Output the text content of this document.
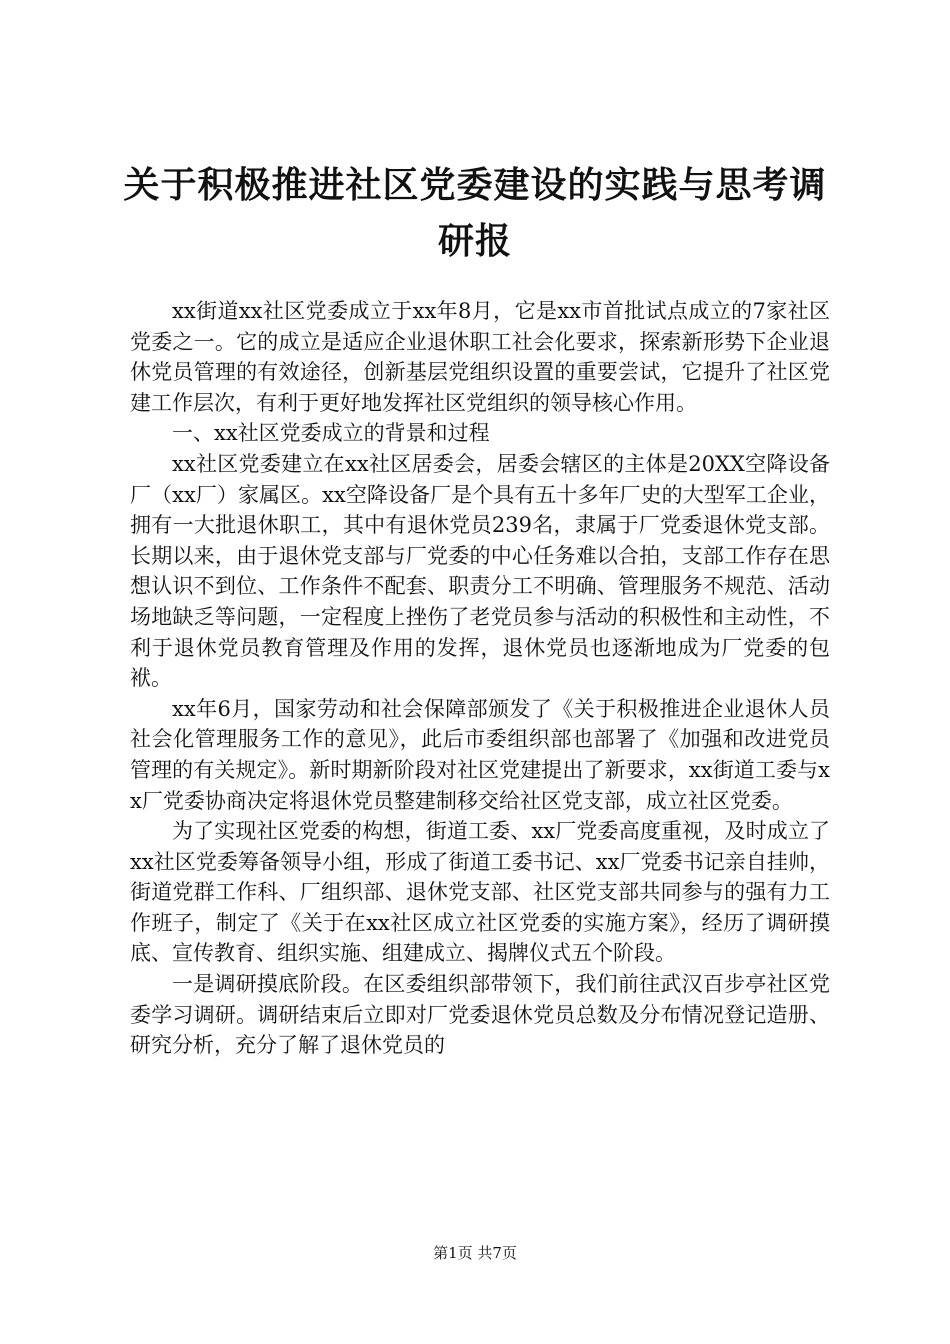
关于积极推进社区党委建设的实践与思考调研报

xx街道xx社区党委成立于xx年8月，它是xx市首批试点成立的7家社区党委之一。它的成立是适应企业退休职工社会化要求，探索新形势下企业退休党员管理的有效途径，创新基层党组织设置的重要尝试，它提升了社区党建工作层次，有利于更好地发挥社区党组织的领导核心作用。

一、xx社区党委成立的背景和过程

xx社区党委建立在xx社区居委会，居委会辖区的主体是20XX空降设备厂（xx厂）家属区。xx空降设备厂是个具有五十多年厂史的大型军工企业，拥有一大批退休职工，其中有退休党员239名，隶属于厂党委退休党支部。长期以来，由于退休党支部与厂党委的中心任务难以合拍，支部工作存在思想认识不到位、工作条件不配套、职责分工不明确、管理服务不规范、活动场地缺乏等问题，一定程度上挫伤了老党员参与活动的积极性和主动性，不利于退休党员教育管理及作用的发挥，退休党员也逐渐地成为厂党委的包袱。

xx年6月，国家劳动和社会保障部颁发了《关于积极推进企业退休人员社会化管理服务工作的意见》，此后市委组织部也部署了《加强和改进党员管理的有关规定》。新时期新阶段对社区党建提出了新要求，xx街道工委与xx厂党委协商决定将退休党员整建制移交给社区党支部，成立社区党委。

为了实现社区党委的构想，街道工委、xx厂党委高度重视，及时成立了xx社区党委筹备领导小组，形成了街道工委书记、xx厂党委书记亲自挂帅，街道党群工作科、厂组织部、退休党支部、社区党支部共同参与的强有力工作班子，制定了《关于在xx社区成立社区党委的实施方案》，经历了调研摸底、宣传教育、组织实施、组建成立、揭牌仪式五个阶段。

一是调研摸底阶段。在区委组织部带领下，我们前往武汉百步亭社区党委学习调研。调研结束后立即对厂党委退休党员总数及分布情况登记造册、研究分析，充分了解了退休党员的

第1页 共7页
